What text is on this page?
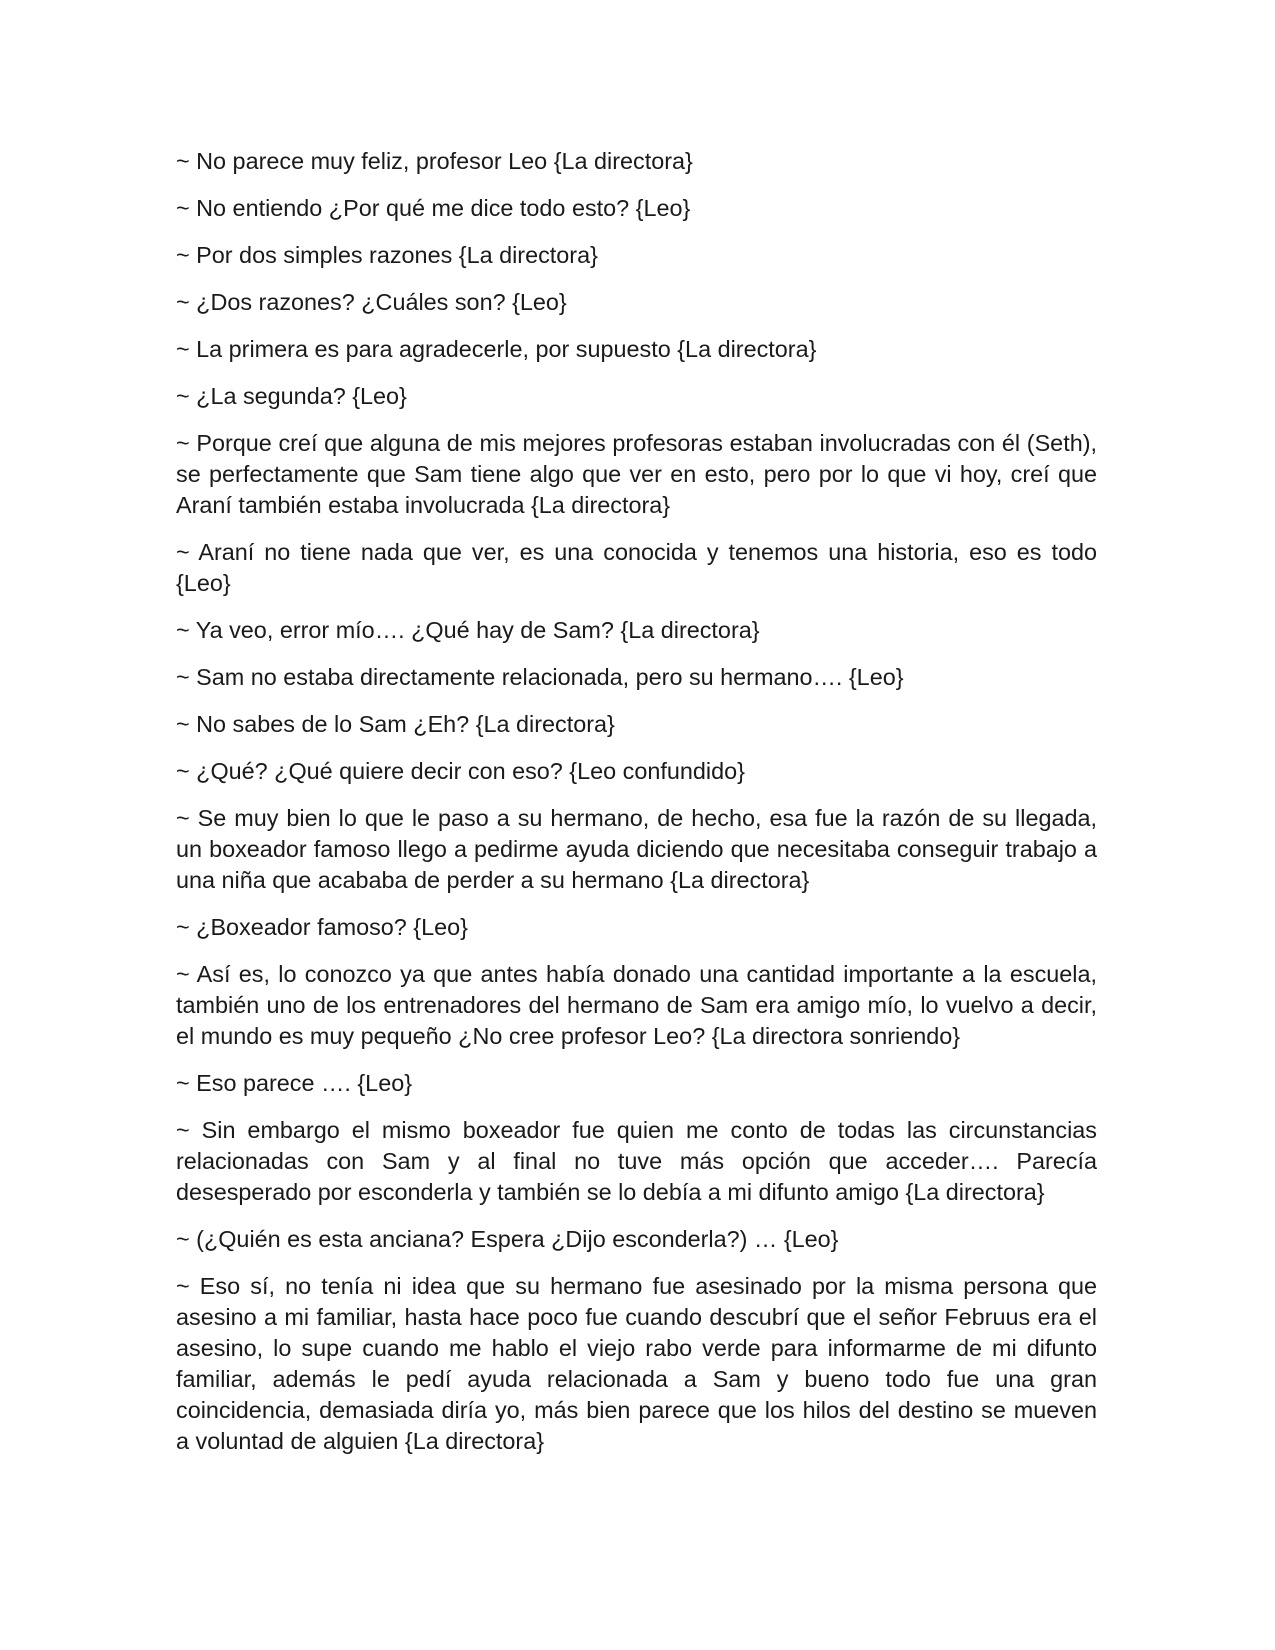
~ No parece muy feliz, profesor Leo {La directora}

~ No entiendo ¿Por qué me dice todo esto? {Leo}

~ Por dos simples razones {La directora}

~ ¿Dos razones? ¿Cuáles son? {Leo}

~ La primera es para agradecerle, por supuesto {La directora}

~ ¿La segunda? {Leo}

~ Porque creí que alguna de mis mejores profesoras estaban involucradas con él (Seth), se perfectamente que Sam tiene algo que ver en esto, pero por lo que vi hoy, creí que Araní también estaba involucrada {La directora}

~ Araní no tiene nada que ver, es una conocida y tenemos una historia, eso es todo {Leo}

~ Ya veo, error mío…. ¿Qué hay de Sam? {La directora}

~ Sam no estaba directamente relacionada, pero su hermano…. {Leo}

~ No sabes de lo Sam ¿Eh? {La directora}

~ ¿Qué? ¿Qué quiere decir con eso? {Leo confundido}

~ Se muy bien lo que le paso a su hermano, de hecho, esa fue la razón de su llegada, un boxeador famoso llego a pedirme ayuda diciendo que necesitaba conseguir trabajo a una niña que acababa de perder a su hermano {La directora}

~ ¿Boxeador famoso? {Leo}

~ Así es, lo conozco ya que antes había donado una cantidad importante a la escuela, también uno de los entrenadores del hermano de Sam era amigo mío, lo vuelvo a decir, el mundo es muy pequeño ¿No cree profesor Leo? {La directora sonriendo}

~ Eso parece …. {Leo}

~ Sin embargo el mismo boxeador fue quien me conto de todas las circunstancias relacionadas con Sam y al final no tuve más opción que acceder…. Parecía desesperado por esconderla y también se lo debía a mi difunto amigo {La directora}

~ (¿Quién es esta anciana? Espera ¿Dijo esconderla?) … {Leo}

~ Eso sí, no tenía ni idea que su hermano fue asesinado por la misma persona que asesino a mi familiar, hasta hace poco fue cuando descubrí que el señor Februus era el asesino, lo supe cuando me hablo el viejo rabo verde para informarme de mi difunto familiar, además le pedí ayuda relacionada a Sam y bueno todo fue una gran coincidencia, demasiada diría yo, más bien parece que los hilos del destino se mueven a voluntad de alguien {La directora}
